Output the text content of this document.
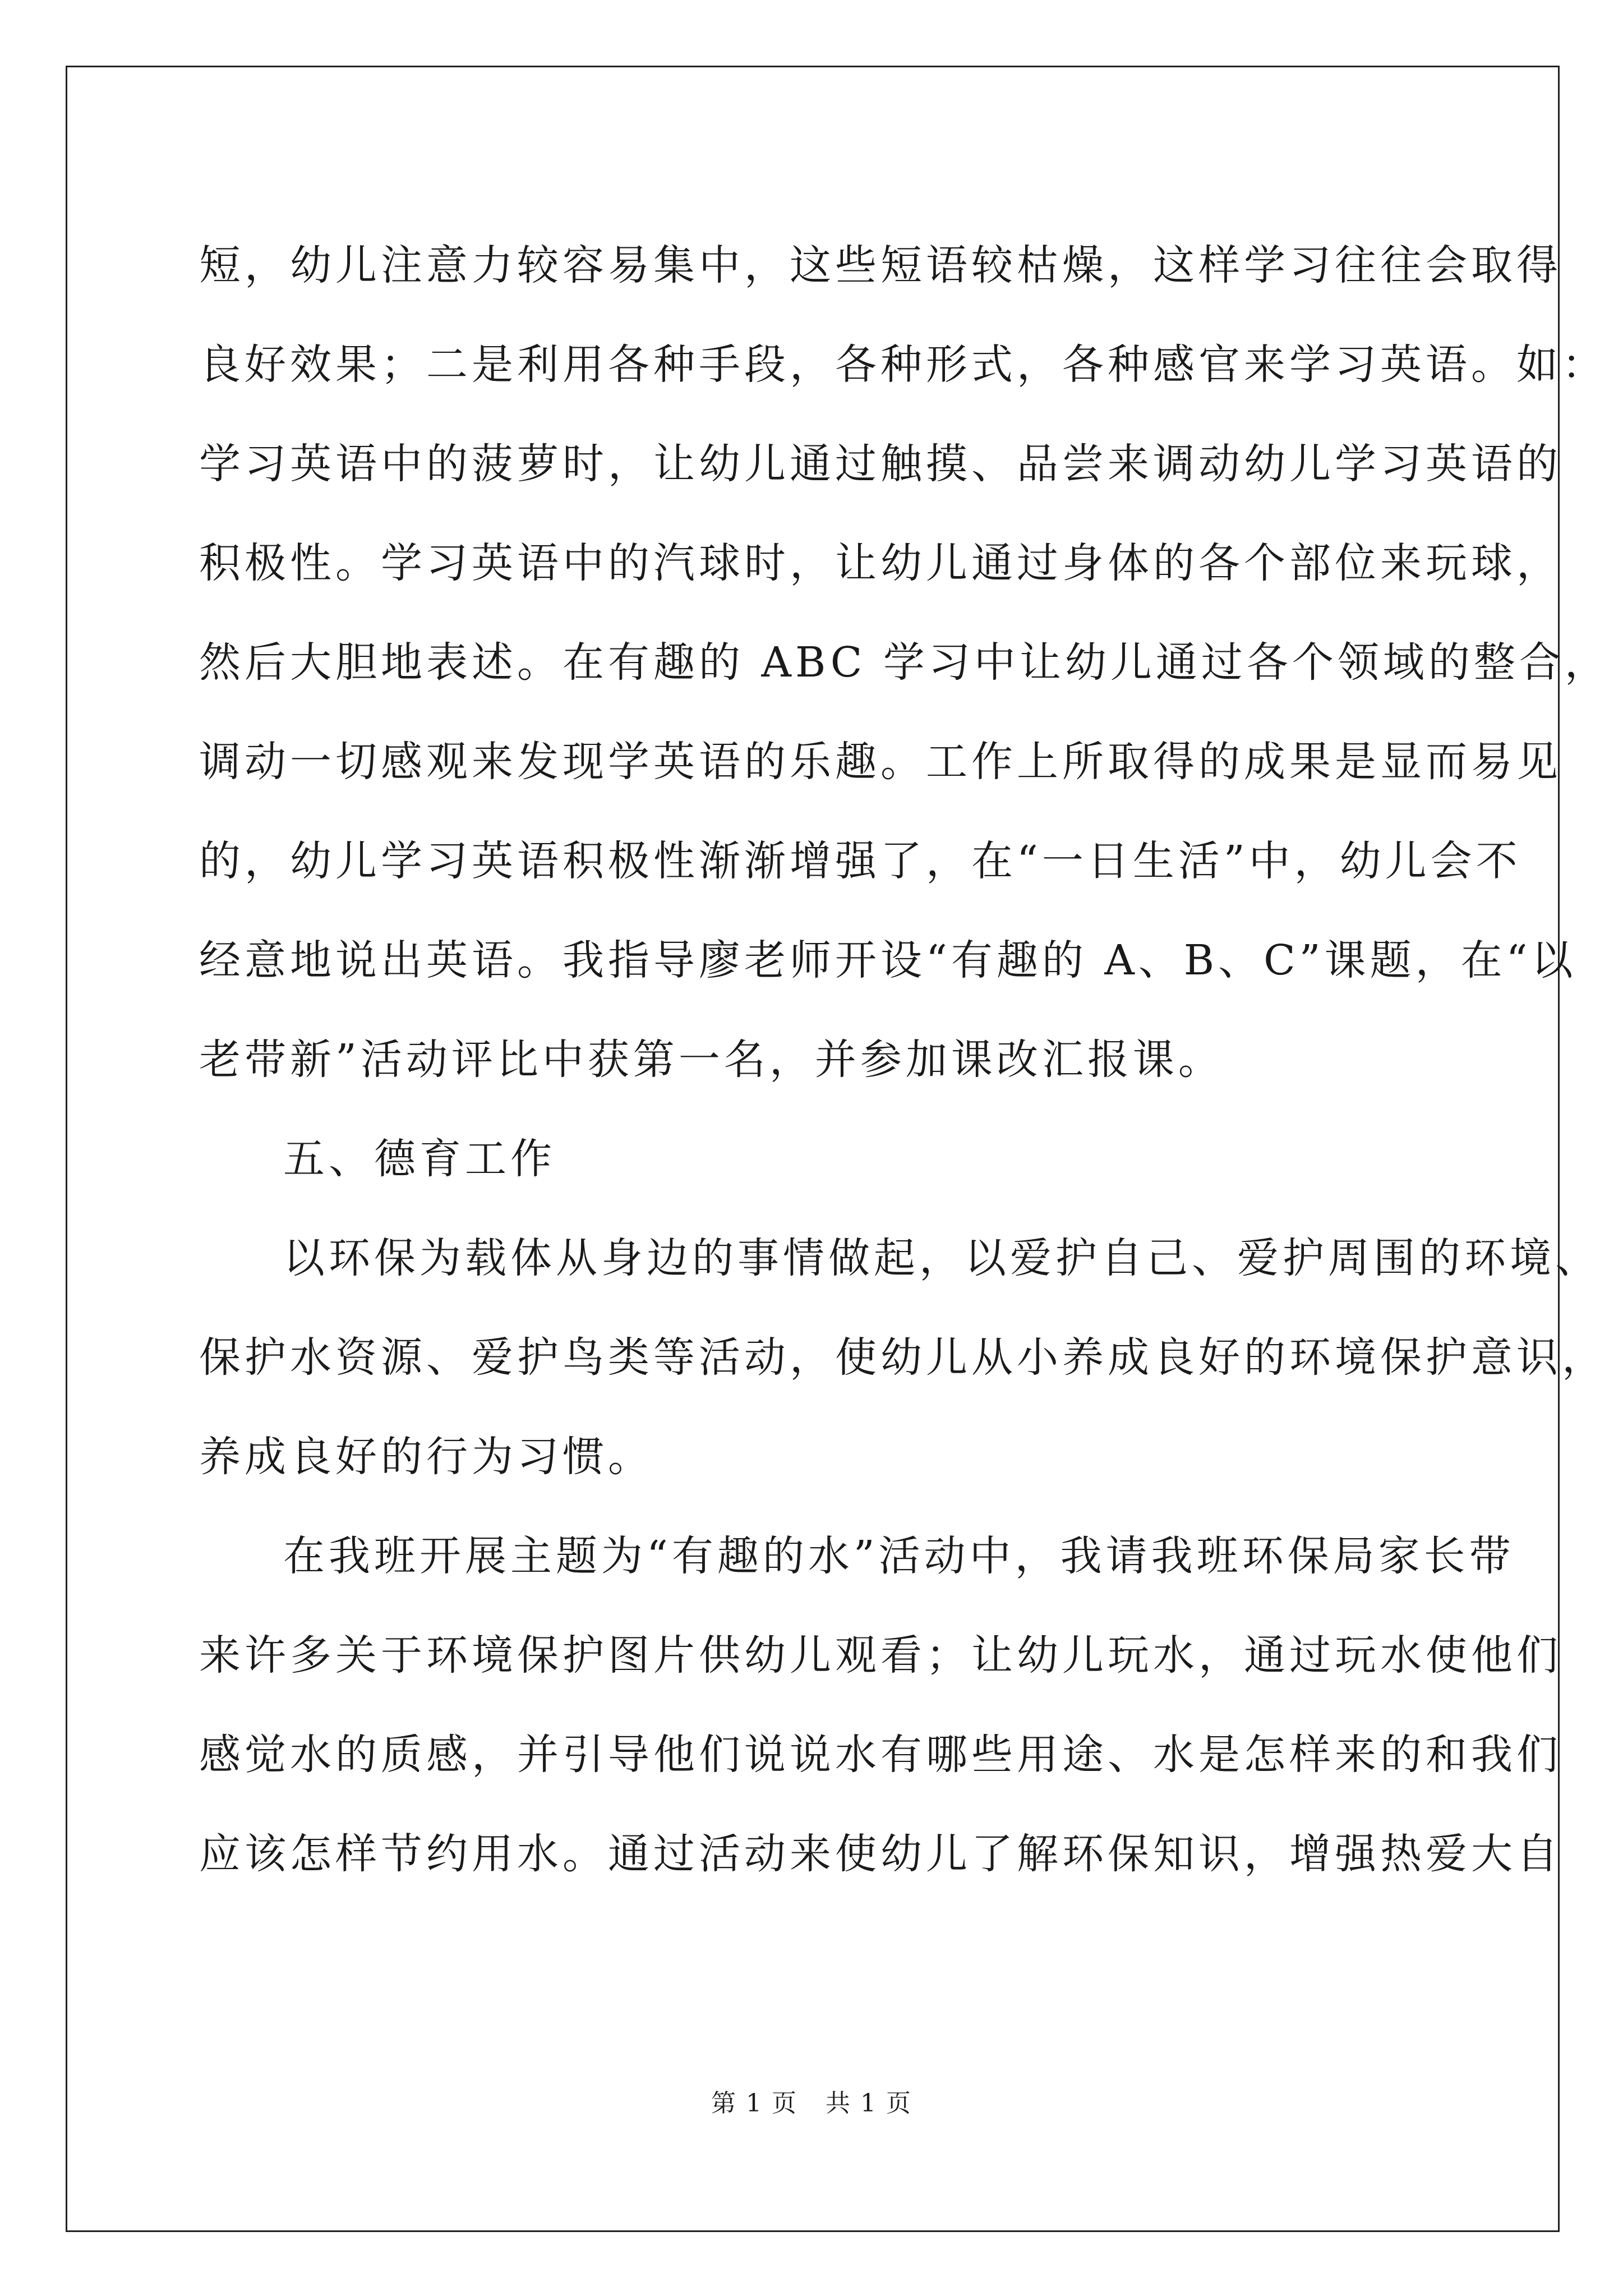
短，幼儿注意力较容易集中，这些短语较枯燥，这样学习往往会取得
良好效果；二是利用各种手段，各种形式，各种感官来学习英语。如：
学习英语中的菠萝时，让幼儿通过触摸、品尝来调动幼儿学习英语的
积极性。学习英语中的汽球时，让幼儿通过身体的各个部位来玩球，
然后大胆地表述。在有趣的 ABC 学习中让幼儿通过各个领域的整合，
调动一切感观来发现学英语的乐趣。工作上所取得的成果是显而易见
的，幼儿学习英语积极性渐渐增强了，在“一日生活”中，幼儿会不
经意地说出英语。我指导廖老师开设“有趣的 A、B、C”课题，在“以
老带新”活动评比中获第一名，并参加课改汇报课。
五、德育工作
以环保为载体从身边的事情做起，以爱护自己、爱护周围的环境、
保护水资源、爱护鸟类等活动，使幼儿从小养成良好的环境保护意识，
养成良好的行为习惯。
在我班开展主题为“有趣的水”活动中，我请我班环保局家长带
来许多关于环境保护图片供幼儿观看；让幼儿玩水，通过玩水使他们
感觉水的质感，并引导他们说说水有哪些用途、水是怎样来的和我们
应该怎样节约用水。通过活动来使幼儿了解环保知识，增强热爱大自
第 1 页 共 1 页
